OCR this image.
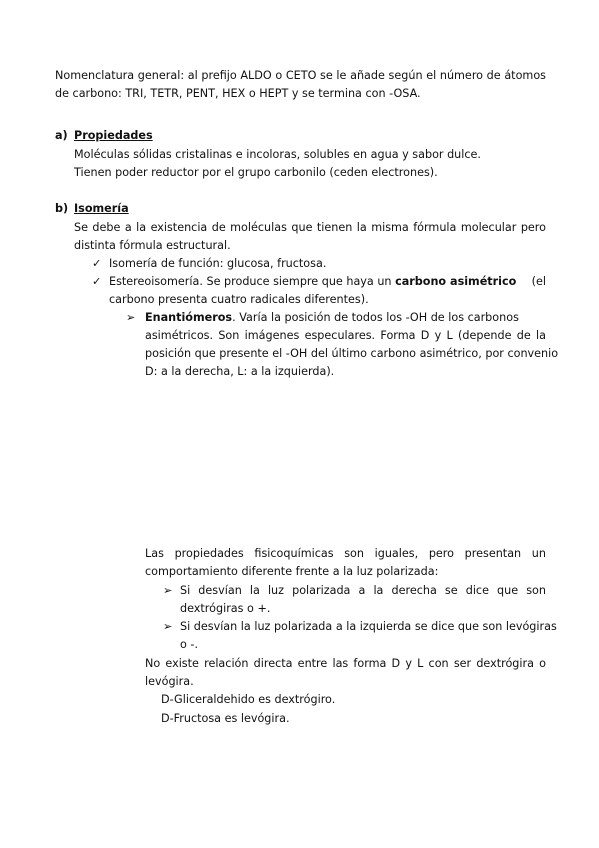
Nomenclatura general: al prefijo ALDO o CETO se le añade según el número de átomos
de carbono: TRI, TETR, PENT, HEX o HEPT y se termina con -OSA.
a) Propiedades
Moléculas sólidas cristalinas e incoloras, solubles en agua y sabor dulce.
Tienen poder reductor por el grupo carbonilo (ceden electrones).
b) Isomería
Se debe a la existencia de moléculas que tienen la misma fórmula molecular pero
distinta fórmula estructural.
✓ Isomería de función: glucosa, fructosa.
✓ Estereoisomería. Se produce siempre que haya un carbono asimétrico (el
carbono presenta cuatro radicales diferentes).
➢ Enantiómeros. Varía la posición de todos los -OH de los carbonos
asimétricos. Son imágenes especulares. Forma D y L (depende de la
posición que presente el -OH del último carbono asimétrico, por convenio
D: a la derecha, L: a la izquierda).
Las propiedades fisicoquímicas son iguales, pero presentan un
comportamiento diferente frente a la luz polarizada:
➢ Si desvían la luz polarizada a la derecha se dice que son
dextrógiras o +.
➢ Si desvían la luz polarizada a la izquierda se dice que son levógiras
o -.
No existe relación directa entre las forma D y L con ser dextrógira o
levógira.
D-Gliceraldehido es dextrógiro.
D-Fructosa es levógira.
